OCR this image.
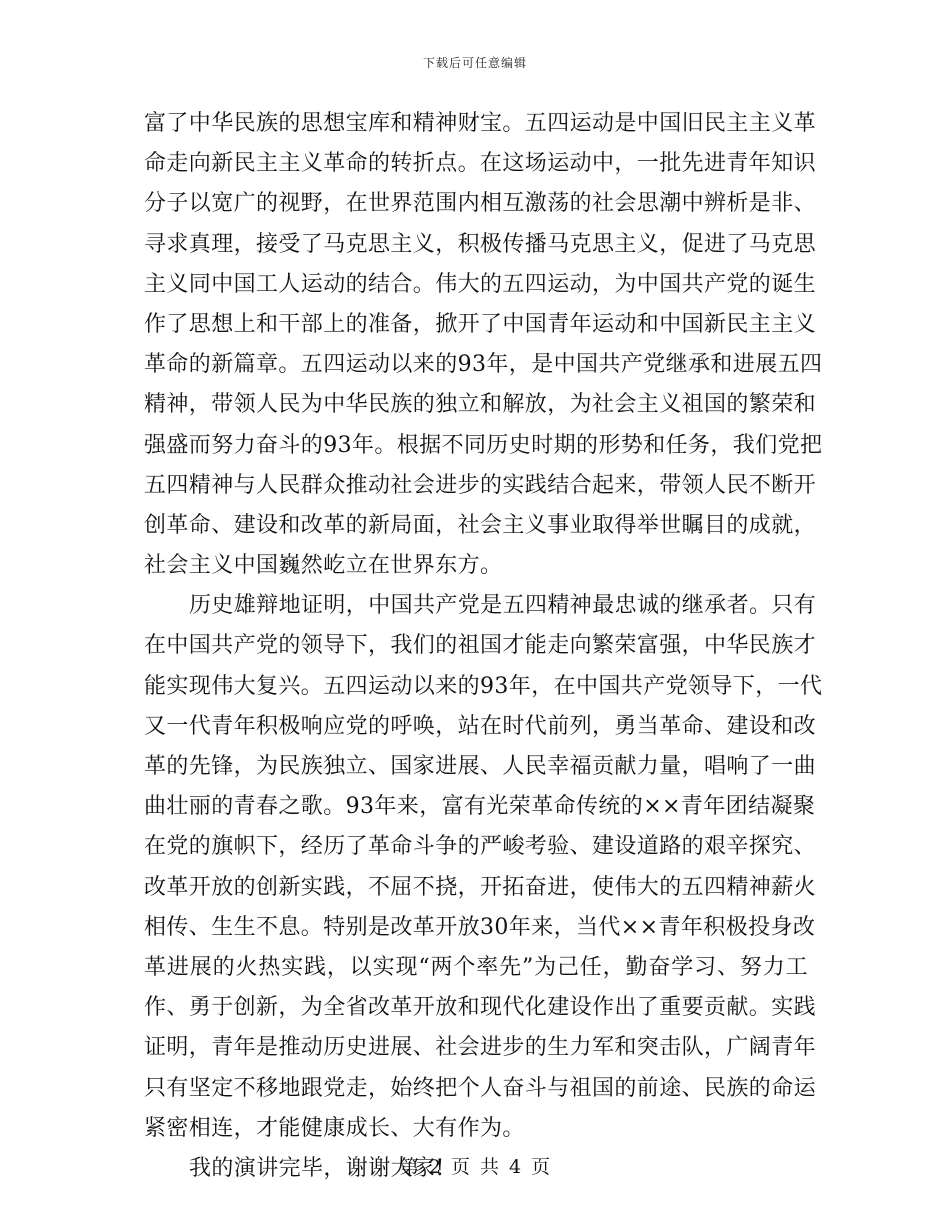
下载后可任意编辑
富了中华民族的思想宝库和精神财宝。五四运动是中国旧民主主义革
命走向新民主主义革命的转折点。在这场运动中，一批先进青年知识
分子以宽广的视野，在世界范围内相互激荡的社会思潮中辨析是非、
寻求真理，接受了马克思主义，积极传播马克思主义，促进了马克思
主义同中国工人运动的结合。伟大的五四运动，为中国共产党的诞生
作了思想上和干部上的准备，掀开了中国青年运动和中国新民主主义
革命的新篇章。五四运动以来的93年，是中国共产党继承和进展五四
精神，带领人民为中华民族的独立和解放，为社会主义祖国的繁荣和
强盛而努力奋斗的93年。根据不同历史时期的形势和任务，我们党把
五四精神与人民群众推动社会进步的实践结合起来，带领人民不断开
创革命、建设和改革的新局面，社会主义事业取得举世瞩目的成就，
社会主义中国巍然屹立在世界东方。
历史雄辩地证明，中国共产党是五四精神最忠诚的继承者。只有
在中国共产党的领导下，我们的祖国才能走向繁荣富强，中华民族才
能实现伟大复兴。五四运动以来的93年，在中国共产党领导下，一代
又一代青年积极响应党的呼唤，站在时代前列，勇当革命、建设和改
革的先锋，为民族独立、国家进展、人民幸福贡献力量，唱响了一曲
曲壮丽的青春之歌。93年来，富有光荣革命传统的××青年团结凝聚
在党的旗帜下，经历了革命斗争的严峻考验、建设道路的艰辛探究、
改革开放的创新实践，不屈不挠，开拓奋进，使伟大的五四精神薪火
相传、生生不息。特别是改革开放30年来，当代××青年积极投身改
革进展的火热实践，以实现“两个率先”为己任，勤奋学习、努力工
作、勇于创新，为全省改革开放和现代化建设作出了重要贡献。实践
证明，青年是推动历史进展、社会进步的生力军和突击队，广阔青年
只有坚定不移地跟党走，始终把个人奋斗与祖国的前途、民族的命运
紧密相连，才能健康成长、大有作为。
我的演讲完毕，谢谢大家!
第 2 页 共 4 页
